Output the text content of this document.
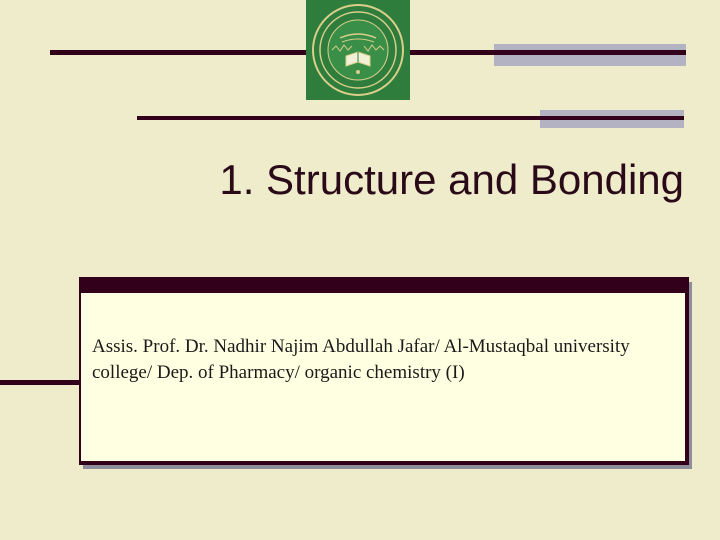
1. Structure and Bonding
Assis. Prof. Dr. Nadhir Najim Abdullah Jafar/ Al-Mustaqbal university college/ Dep. of Pharmacy/ organic chemistry (I)
